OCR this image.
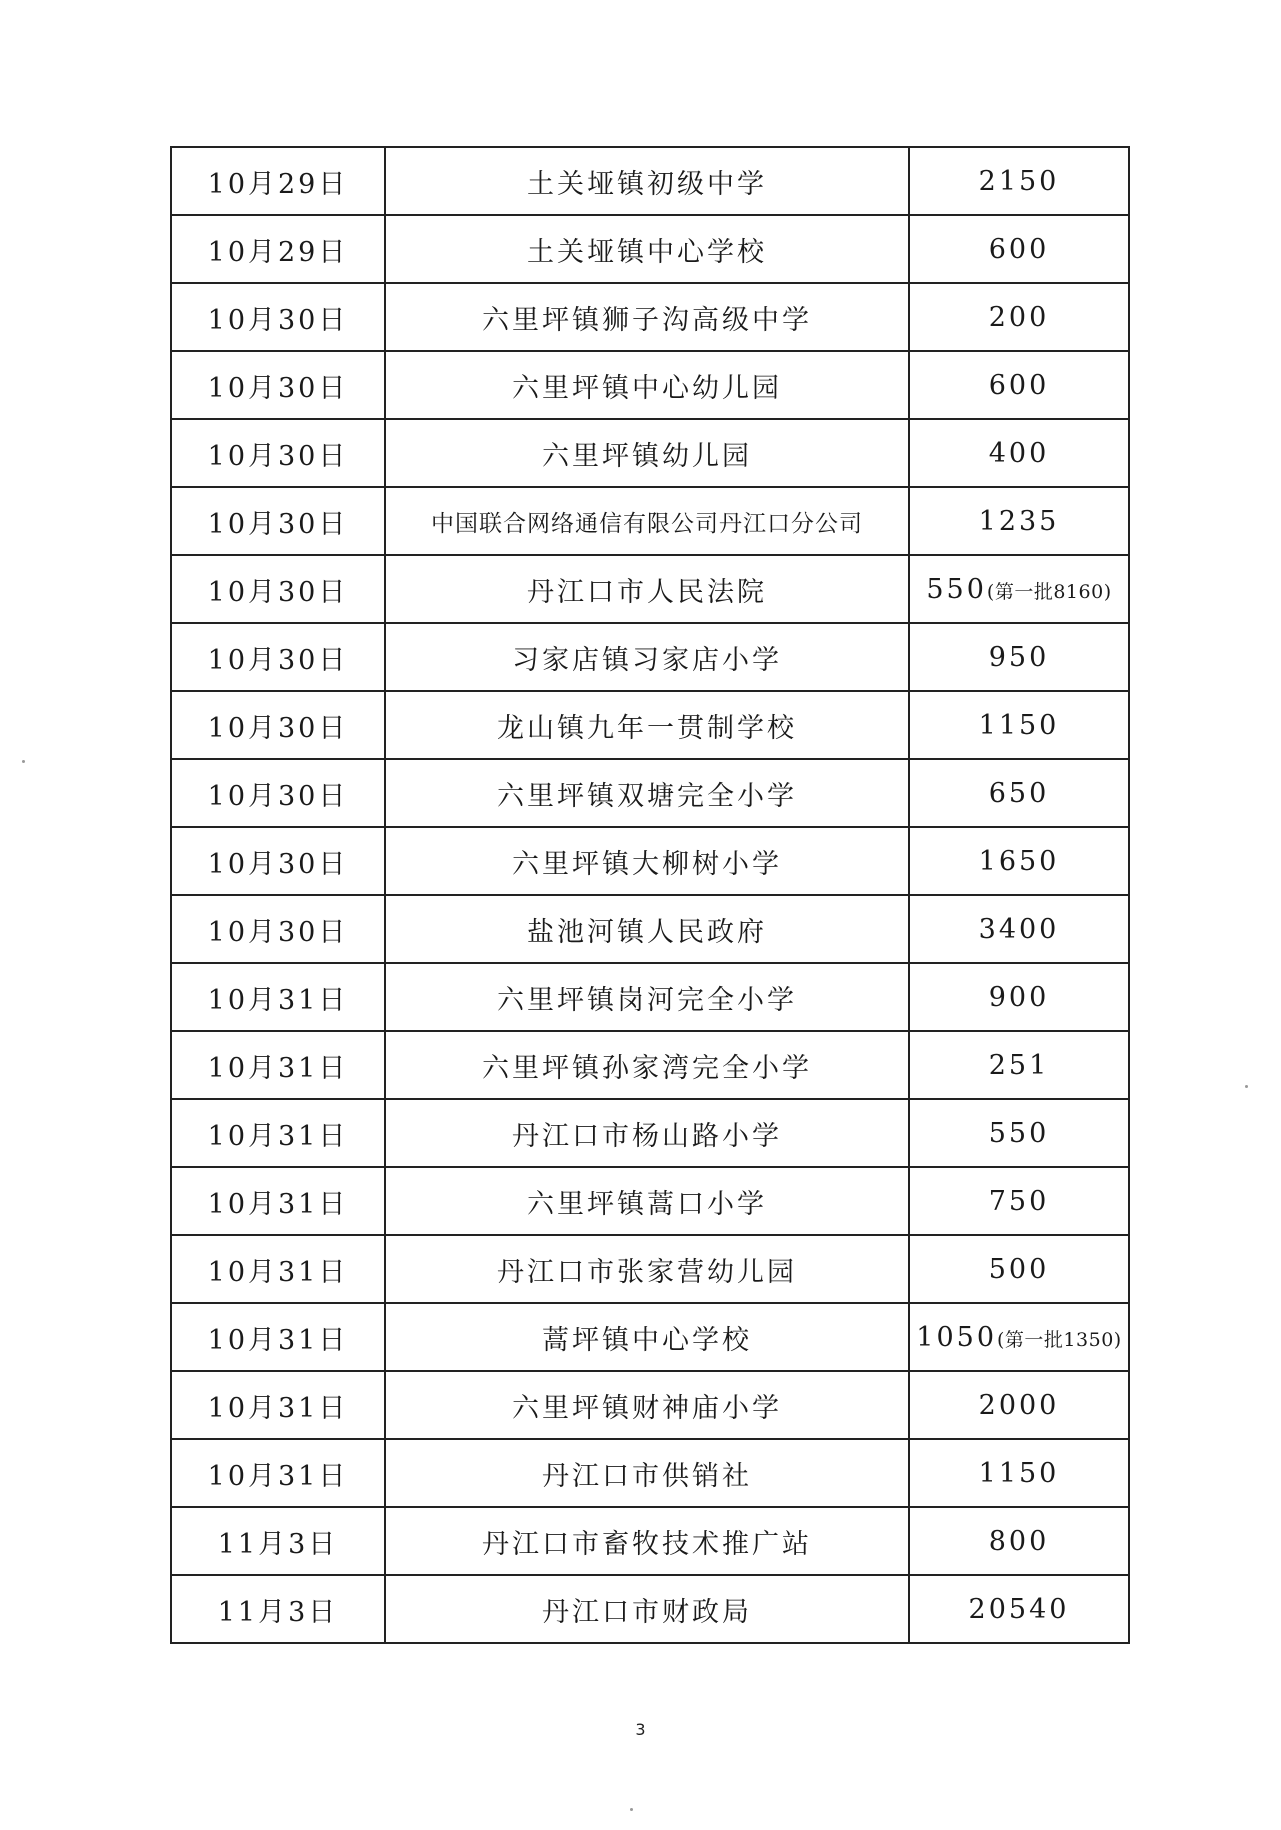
10月29日	土关垭镇初级中学	2150
10月29日	土关垭镇中心学校	600
10月30日	六里坪镇狮子沟高级中学	200
10月30日	六里坪镇中心幼儿园	600
10月30日	六里坪镇幼儿园	400
10月30日	中国联合网络通信有限公司丹江口分公司	1235
10月30日	丹江口市人民法院	550(第一批8160)
10月30日	习家店镇习家店小学	950
10月30日	龙山镇九年一贯制学校	1150
10月30日	六里坪镇双塘完全小学	650
10月30日	六里坪镇大柳树小学	1650
10月30日	盐池河镇人民政府	3400
10月31日	六里坪镇岗河完全小学	900
10月31日	六里坪镇孙家湾完全小学	251
10月31日	丹江口市杨山路小学	550
10月31日	六里坪镇蒿口小学	750
10月31日	丹江口市张家营幼儿园	500
10月31日	蒿坪镇中心学校	1050(第一批1350)
10月31日	六里坪镇财神庙小学	2000
10月31日	丹江口市供销社	1150
11月3日	丹江口市畜牧技术推广站	800
11月3日	丹江口市财政局	20540
3
